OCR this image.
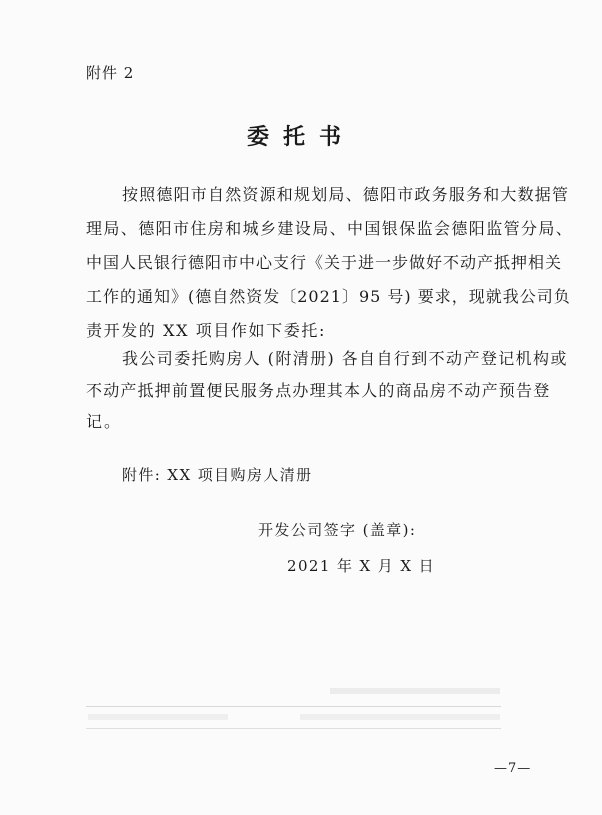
附件 2
委托书
按照德阳市自然资源和规划局、德阳市政务服务和大数据管
理局、德阳市住房和城乡建设局、中国银保监会德阳监管分局、
中国人民银行德阳市中心支行《关于进一步做好不动产抵押相关
工作的通知》(德自然资发〔2021〕95 号) 要求，现就我公司负
责开发的 XX 项目作如下委托:
我公司委托购房人 (附清册) 各自自行到不动产登记机构或
不动产抵押前置便民服务点办理其本人的商品房不动产预告登
记。
附件: XX 项目购房人清册
开发公司签字 (盖章):
2021 年 X 月 X 日
—7—
